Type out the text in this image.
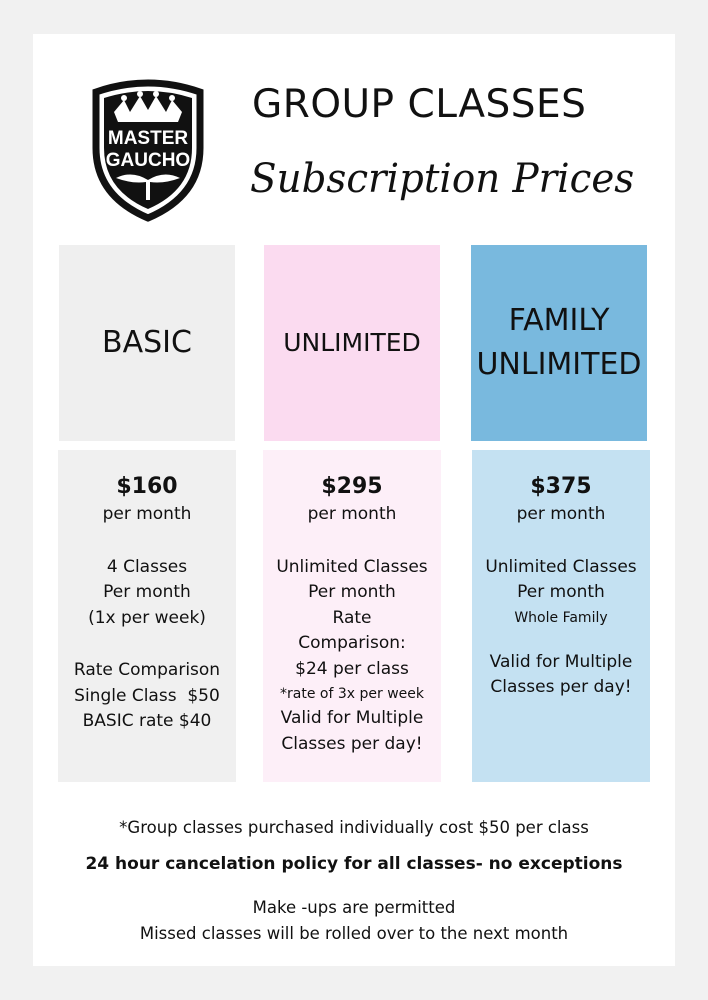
MASTER
GAUCHO
GROUP CLASSES
Subscription Prices
BASIC	UNLIMITED
FAMILY
UNLIMITED
$160
per month
4 Classes
Per month
(1x per week)
Rate Comparison
Single Class  $50
BASIC rate $40
$295
per month
Unlimited Classes
Per month
Rate
Comparison:
$24 per class
*rate of 3x per week
Valid for Multiple
Classes per day!
$375
per month
Unlimited Classes
Per month
Whole Family
Valid for Multiple
Classes per day!
*Group classes purchased individually cost $50 per class
24 hour cancelation policy for all classes- no exceptions
Make -ups are permitted
Missed classes will be rolled over to the next month
